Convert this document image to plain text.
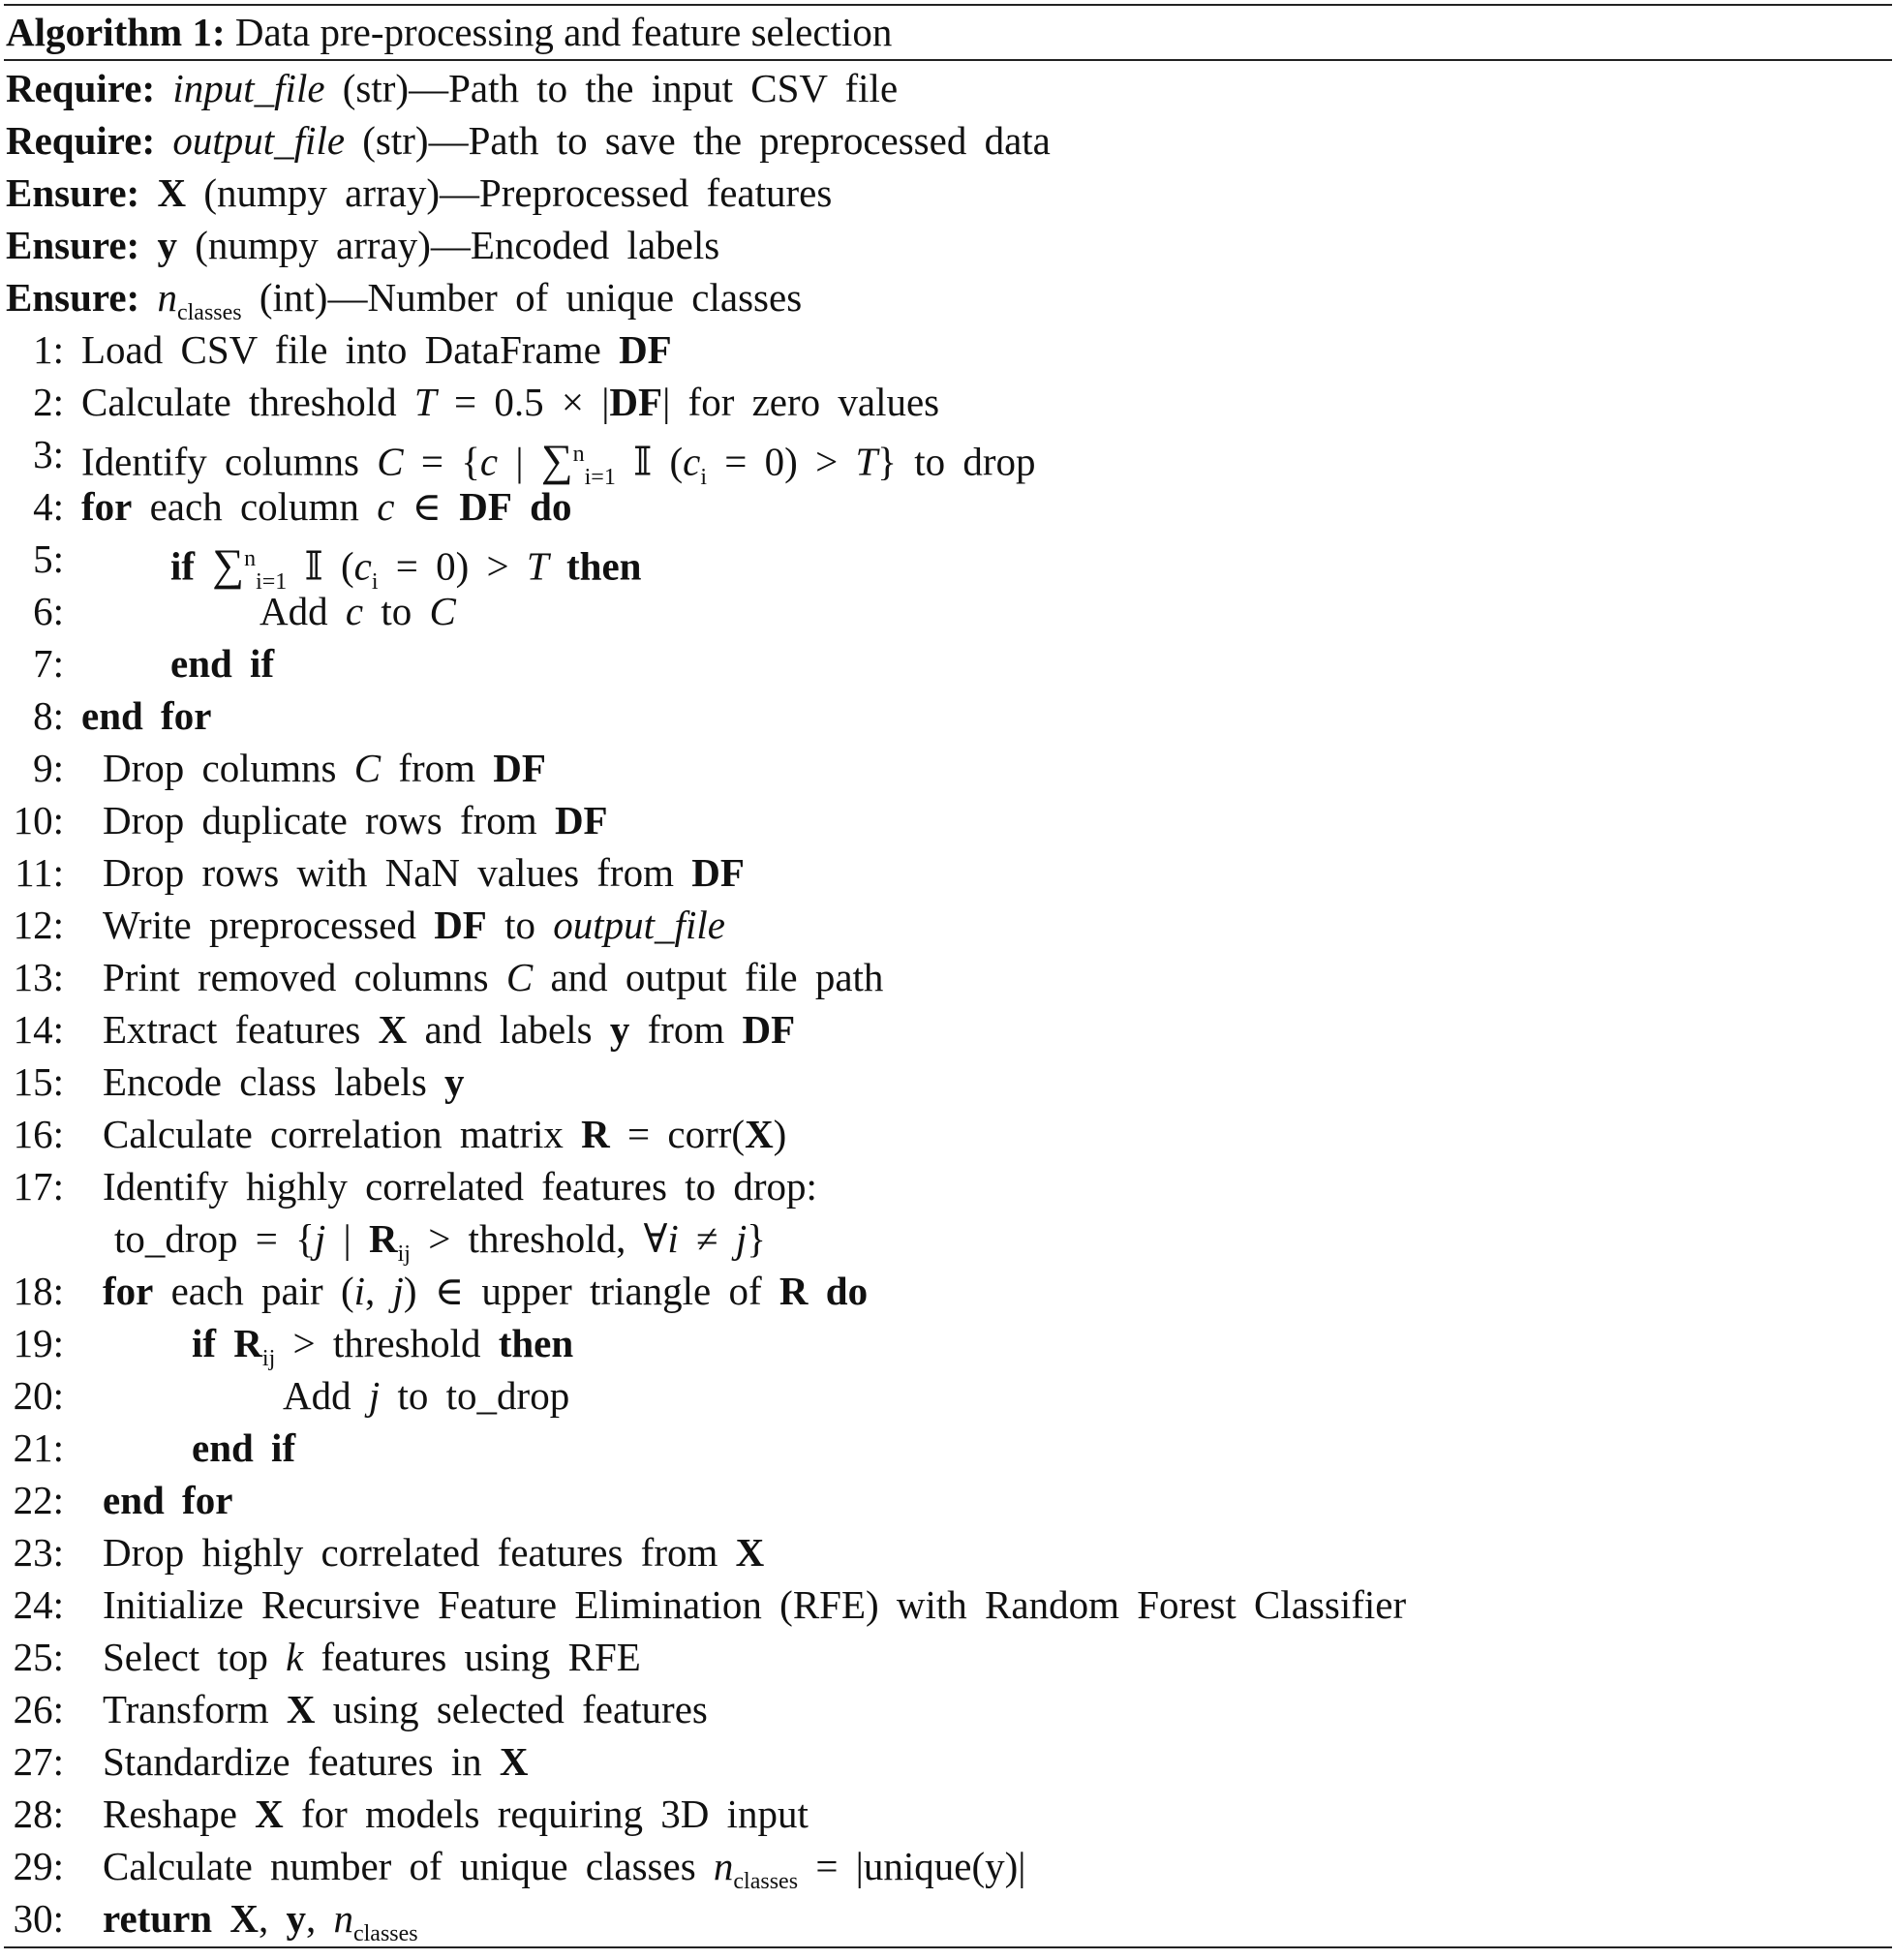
Algorithm 1: Data pre-processing and feature selection
Require: input_file (str)—Path to the input CSV file
Require: output_file (str)—Path to save the preprocessed data
Ensure: X (numpy array)—Preprocessed features
Ensure: y (numpy array)—Encoded labels
Ensure: $n_{classes}$ (int)—Number of unique classes
1: Load CSV file into DataFrame DF
2: Calculate threshold T = 0.5 × |DF| for zero values
3: Identify columns C = {c | ∑$^n_{i=1}$ 𝕀 $(c_i = 0) > T$} to drop
4: for each column c ∈ DF do
5:	if ∑$^n_{i=1}$ 𝕀 $(c_i = 0) > T$ then
6:	Add c to C
7:	end if
8: end for
9: Drop columns C from DF
10: Drop duplicate rows from DF
11: Drop rows with NaN values from DF
12: Write preprocessed DF to output_file
13: Print removed columns C and output file path
14: Extract features X and labels y from DF
15: Encode class labels y
16: Calculate correlation matrix R = corr(X)
17: Identify highly correlated features to drop:
to_drop = {j | $R_{ij}$ > threshold, ∀i ≠ j}
18: for each pair (i, j) ∈ upper triangle of R do
19:	if $R_{ij}$ > threshold then
20:	Add j to to_drop
21:	end if
22: end for
23: Drop highly correlated features from X
24: Initialize Recursive Feature Elimination (RFE) with Random Forest Classifier
25: Select top k features using RFE
26: Transform X using selected features
27: Standardize features in X
28: Reshape X for models requiring 3D input
29: Calculate number of unique classes $n_{classes}$ = |unique(y)|
30: return X, y, $n_{classes}$
